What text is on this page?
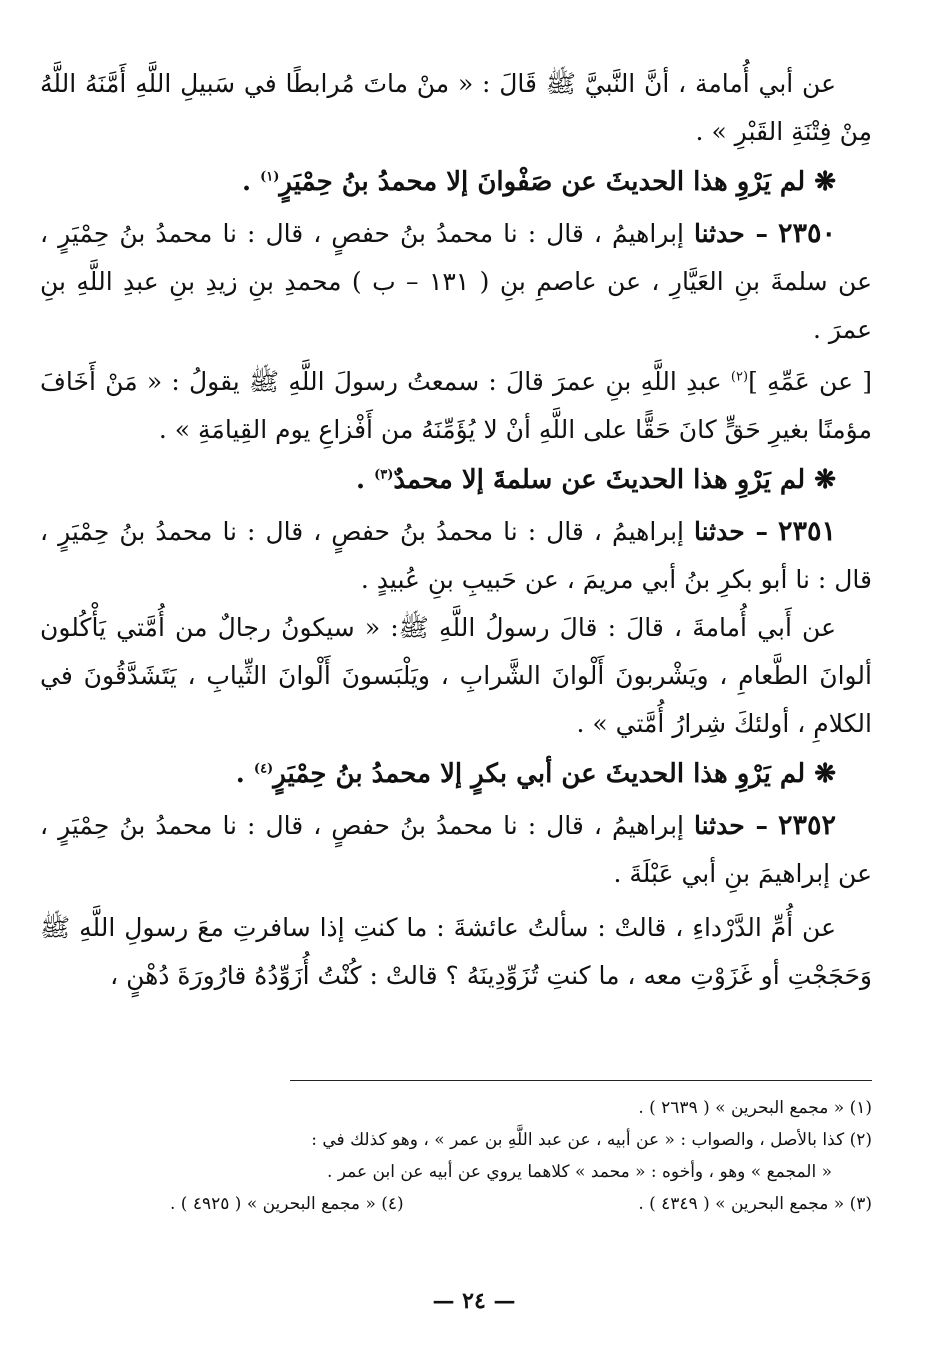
عن أبي أُمامة ، أنَّ النَّبيَّ ﷺ قَالَ : « منْ ماتَ مُرابطًا في سَبيلِ اللَّهِ أَمَّنَهُ اللَّهُ مِنْ فِتْنَةِ القَبْرِ » .

❋ لم يَرْوِ هذا الحديثَ عن صَفْوانَ إلا محمدُ بنُ حِمْيَرٍ$^{(١)}$ .

٢٣٥٠ – حدثنا إبراهيمُ ، قال : نا محمدُ بنُ حفصٍ ، قال : نا محمدُ بنُ حِمْيَرٍ ، عن سلمةَ بنِ العَيَّارِ ، عن عاصمِ بنِ ( ١٣١ – ب ) محمدِ بنِ زيدِ بنِ عبدِ اللَّهِ بنِ عمرَ .

[ عن عَمِّهِ ]$^{(٢)}$ عبدِ اللَّهِ بنِ عمرَ قالَ : سمعتُ رسولَ اللَّهِ ﷺ يقولُ : « مَنْ أَخَافَ مؤمنًا بغيرِ حَقٍّ كانَ حَقًّا على اللَّهِ أنْ لا يُؤَمِّنَهُ من أَفْزاعِ يوم القِيامَةِ » .

❋ لم يَرْوِ هذا الحديثَ عن سلمةَ إلا محمدٌ$^{(٣)}$ .

٢٣٥١ – حدثنا إبراهيمُ ، قال : نا محمدُ بنُ حفصٍ ، قال : نا محمدُ بنُ حِمْيَرٍ ، قال : نا أبو بكرِ بنُ أبي مريمَ ، عن حَبيبِ بنِ عُبيدٍ .

عن أَبي أُمامةَ ، قالَ : قالَ رسولُ اللَّهِ ﷺ: « سيكونُ رجالٌ من أُمَّتي يَأْكُلون ألوانَ الطَّعامِ ، ويَشْربونَ أَلْوانَ الشَّرابِ ، ويَلْبَسونَ أَلْوانَ الثِّيابِ ، يَتَشَدَّقُونَ في الكلامِ ، أولئكَ شِرارُ أُمَّتي » .

❋ لم يَرْوِ هذا الحديثَ عن أبي بكرٍ إلا محمدُ بنُ حِمْيَرٍ$^{(٤)}$ .

٢٣٥٢ – حدثنا إبراهيمُ ، قال : نا محمدُ بنُ حفصٍ ، قال : نا محمدُ بنُ حِمْيَرٍ ، عن إبراهيمَ بنِ أبي عَبْلَةَ .

عن أُمِّ الدَّرْداءِ ، قالتْ : سألتُ عائشةَ : ما كنتِ إذا سافرتِ معَ رسولِ اللَّهِ ﷺ وَحَجَجْتِ أو غَزَوْتِ معه ، ما كنتِ تُزَوِّدِينَهُ ؟ قالتْ : كُنْتُ أُزَوِّدُهُ قارُورَةَ دُهْنٍ ،

(١) « مجمع البحرين » ( ٢٦٣٩ ) .

(٢) كذا بالأصل ، والصواب : « عن أبيه ، عن عبد اللَّهِ بن عمر » ، وهو كذلك في :

« المجمع » وهو ، وأخوه : « محمد » كلاهما يروي عن أبيه عن ابن عمر .

(٣) « مجمع البحرين » ( ٤٣٤٩ ) .
(٤) « مجمع البحرين » ( ٤٩٢٥ ) .
— ٢٤ —
